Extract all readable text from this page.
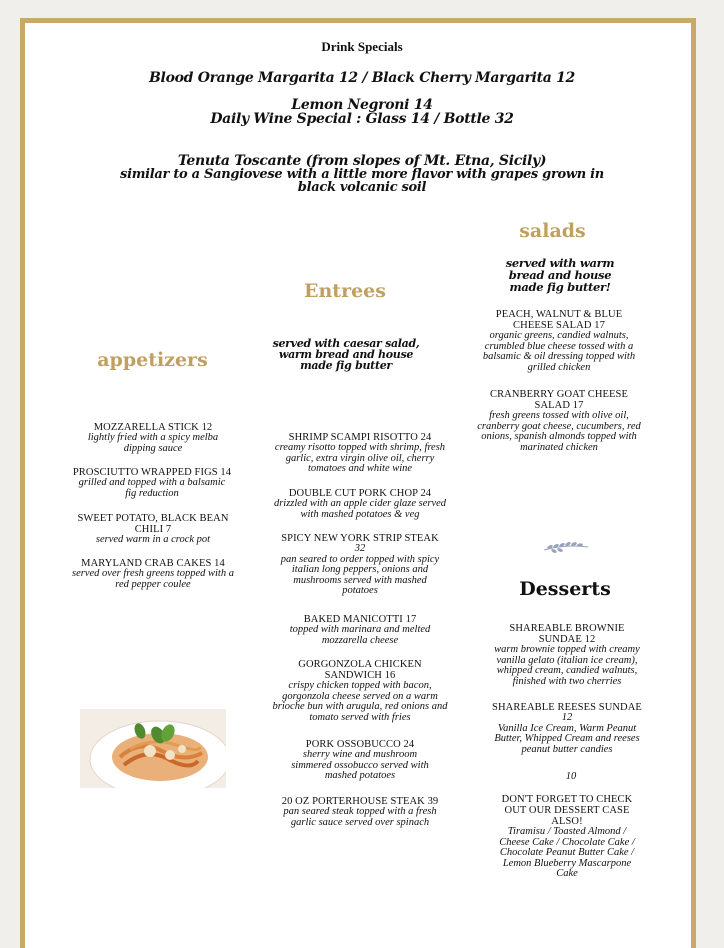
Drink Specials
Blood Orange Margarita 12 / Black Cherry Margarita 12
Lemon Negroni 14
Daily Wine Special : Glass 14 / Bottle 32
Tenuta Toscante (from slopes of Mt. Etna, Sicily)
similar to a Sangiovese with a little more flavor with grapes grown in black volcanic soil
salads
served with warm bread and house made fig butter!
Entrees
served with caesar salad, warm bread and house made fig butter
appetizers
MOZZARELLA STICK 12
lightly fried with a spicy melba dipping sauce
PROSCIUTTO WRAPPED FIGS 14
grilled and topped with a balsamic fig reduction
SWEET POTATO, BLACK BEAN CHILI 7
served warm in a crock pot
MARYLAND CRAB CAKES 14
served over fresh greens topped with a red pepper coulee
SHRIMP SCAMPI RISOTTO 24
creamy risotto topped with shrimp, fresh garlic, extra virgin olive oil, cherry tomatoes and white wine
DOUBLE CUT PORK CHOP 24
drizzled with an apple cider glaze served with mashed potatoes & veg
SPICY NEW YORK STRIP STEAK
32
pan seared to order topped with spicy italian long peppers, onions and mushrooms served with mashed potatoes
BAKED MANICOTTI 17
topped with marinara and melted mozzarella cheese
GORGONZOLA CHICKEN SANDWICH 16
crispy chicken topped with bacon, gorgonzola cheese served on a warm brioche bun with arugula, red onions and tomato served with fries
PORK OSSOBUCCO 24
sherry wine and mushroom simmered ossobucco served with mashed potatoes
20 OZ PORTERHOUSE STEAK 39
pan seared steak topped with a fresh garlic sauce served over spinach
PEACH, WALNUT & BLUE CHEESE SALAD 17
organic greens, candied walnuts, crumbled blue cheese tossed with a balsamic & oil dressing topped with grilled chicken
CRANBERRY GOAT CHEESE SALAD 17
fresh greens tossed with olive oil, cranberry goat cheese, cucumbers, red onions, spanish almonds topped with marinated chicken
Desserts
SHAREABLE BROWNIE SUNDAE 12
warm brownie topped with creamy vanilla gelato (italian ice cream), whipped cream, candied walnuts, finished with two cherries
SHAREABLE REESES SUNDAE
12
Vanilla Ice Cream, Warm Peanut Butter, Whipped Cream and reeses peanut butter candies
10
DON'T FORGET TO CHECK OUT OUR DESSERT CASE ALSO!
Tiramisu / Toasted Almond / Cheese Cake / Chocolate Cake / Chocolate Peanut Butter Cake / Lemon Blueberry Mascarpone Cake
